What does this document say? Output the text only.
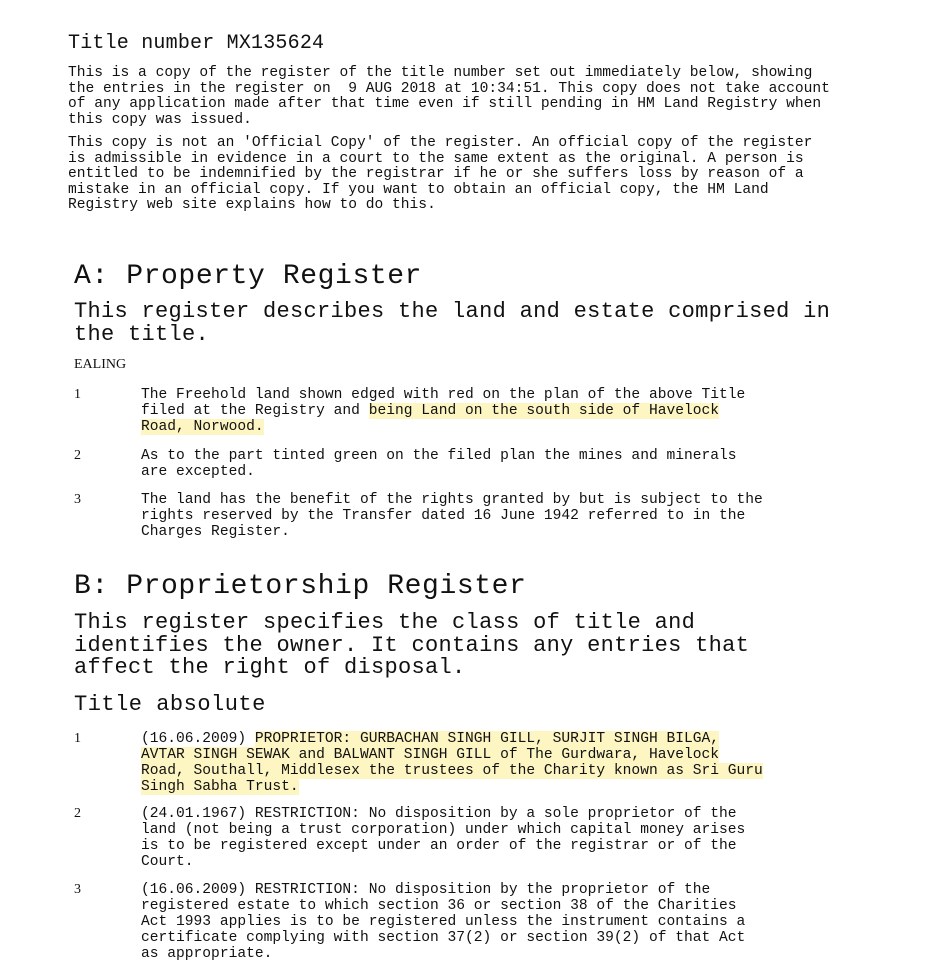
Title number MX135624
This is a copy of the register of the title number set out immediately below, showing
the entries in the register on  9 AUG 2018 at 10:34:51. This copy does not take account
of any application made after that time even if still pending in HM Land Registry when
this copy was issued.
This copy is not an 'Official Copy' of the register. An official copy of the register
is admissible in evidence in a court to the same extent as the original. A person is
entitled to be indemnified by the registrar if he or she suffers loss by reason of a
mistake in an official copy. If you want to obtain an official copy, the HM Land
Registry web site explains how to do this.
A: Property Register
This register describes the land and estate comprised in
the title.
EALING
1	The Freehold land shown edged with red on the plan of the above Title
filed at the Registry and being Land on the south side of Havelock
Road, Norwood.
2	As to the part tinted green on the filed plan the mines and minerals
are excepted.
3	The land has the benefit of the rights granted by but is subject to the
rights reserved by the Transfer dated 16 June 1942 referred to in the
Charges Register.
B: Proprietorship Register
This register specifies the class of title and
identifies the owner. It contains any entries that
affect the right of disposal.
Title absolute
1	(16.06.2009) PROPRIETOR: GURBACHAN SINGH GILL, SURJIT SINGH BILGA,
AVTAR SINGH SEWAK and BALWANT SINGH GILL of The Gurdwara, Havelock
Road, Southall, Middlesex the trustees of the Charity known as Sri Guru
Singh Sabha Trust.
2	(24.01.1967) RESTRICTION: No disposition by a sole proprietor of the
land (not being a trust corporation) under which capital money arises
is to be registered except under an order of the registrar or of the
Court.
3	(16.06.2009) RESTRICTION: No disposition by the proprietor of the
registered estate to which section 36 or section 38 of the Charities
Act 1993 applies is to be registered unless the instrument contains a
certificate complying with section 37(2) or section 39(2) of that Act
as appropriate.
